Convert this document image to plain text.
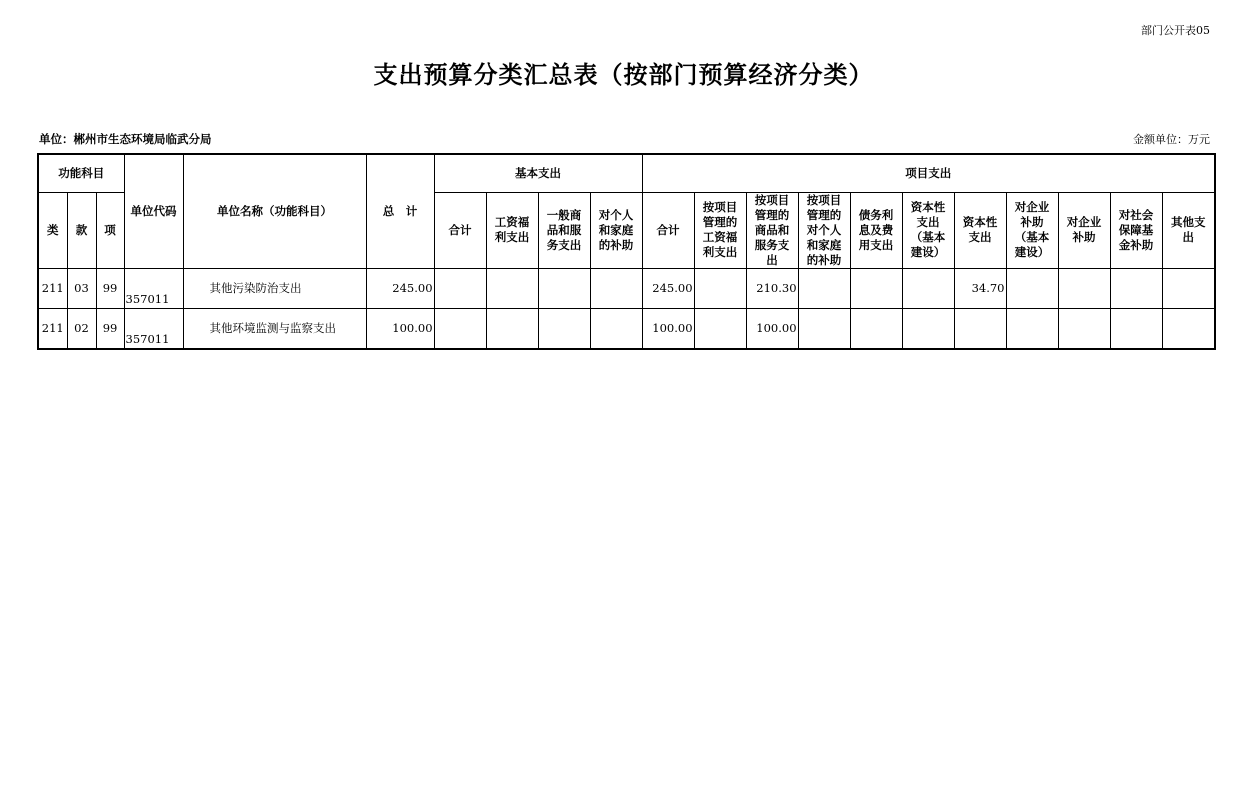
部门公开表05
支出预算分类汇总表（按部门预算经济分类）
单位：郴州市生态环境局临武分局	金额单位：万元
功能科目			单位代码	单位名称（功能科目）	总　计	基本支出				项目支出										
类	款	项				合计	工资福利支出	一般商品和服务支出	对个人和家庭的补助	合计	按项目管理的工资福利支出	按项目管理的商品和服务支出	按项目管理的对个人和家庭的补助	债务利息及费用支出	资本性支出（基本建设）	资本性支出	对企业补助（基本建设）	对企业补助	对社会保障基金补助	其他支出
211	03	99	357011	其他污染防治支出	245.00					245.00		210.30				34.70				
211	02	99	357011	其他环境监测与监察支出	100.00					100.00		100.00								
